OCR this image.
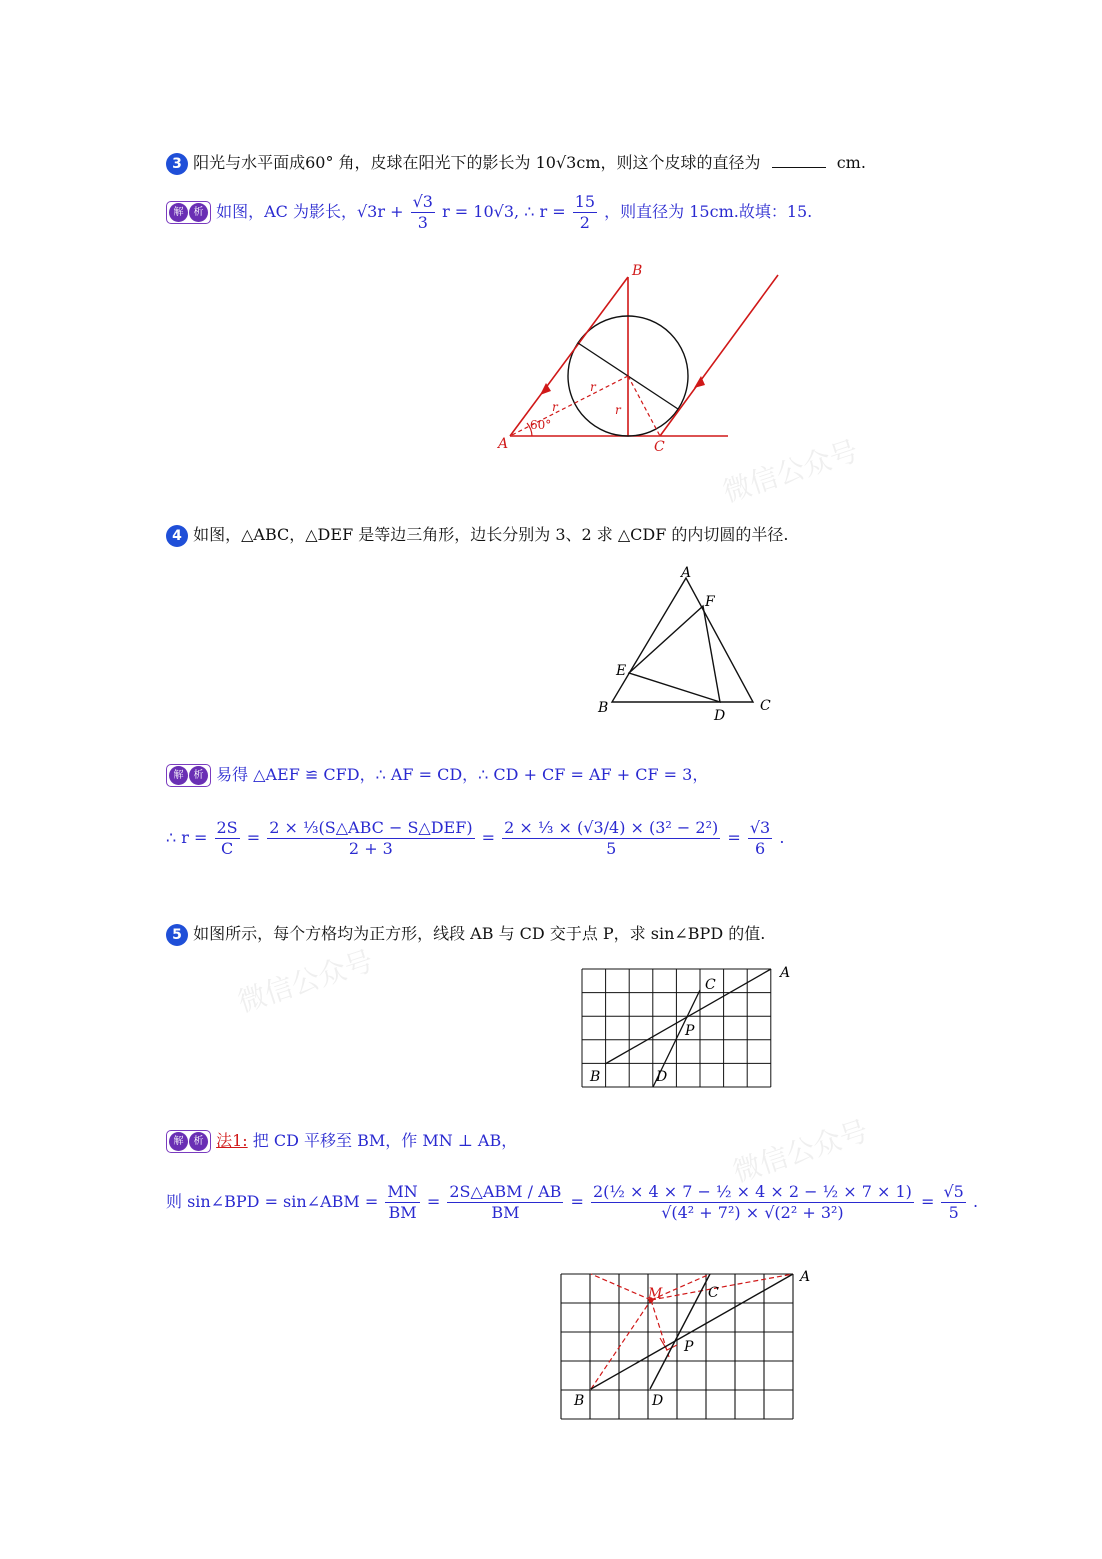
微信公众号
微信公众号
微信公众号
3 阳光与水平面成60° 角，皮球在阳光下的影长为 10√3cm，则这个皮球的直径为	cm.
解	析 如图，AC 为影长，$√3r + \frac{√3}{3}$ r = 10√3, ∴ $r = \frac{15}{2}$ ，则直径为 15cm.故填：15.
A
B
C
r
r	r
60°
4 如图，△ABC，△DEF 是等边三角形，边长分别为 3、2 求 △CDF 的内切圆的半径.
A
F
E
B	D
C
解	析 易得 △AEF ≌ CFD，∴ AF = CD，∴ CD + CF = AF + CF = 3，
∴ $r = \frac{2S}{C} = \frac{\text{2 × ⅓(S△ABC − S△DEF)}}{2 + 3} = \frac{\text{2 × ⅓ × (√3/4) × (3² − 2²)}}{5} = \frac{√3}{6}$ .
5 如图所示，每个方格均为正方形，线段 AB 与 CD 交于点 P，求 sin∠BPD 的值.
A
C
P
B	D
解	析 法1: 把 CD 平移至 BM，作 MN ⊥ AB，
则 sin∠BPD = sin∠ABM = $\frac{MN}{BM} = \frac{\text{2S△ABM / AB}}{BM} = \frac{\text{2(½ × 4 × 7 − ½ × 4 × 2 − ½ × 7 × 1)}}{\text{√(4² + 7²) × √(2² + 3²)}} = \frac{√5}{5}$ .
A
C
M
P
B	D
